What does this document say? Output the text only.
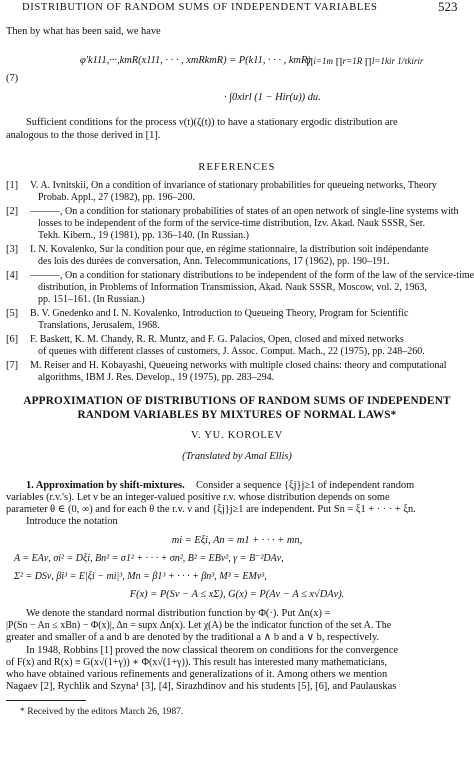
DISTRIBUTION OF RANDOM SUMS OF INDEPENDENT VARIABLES	523
Then by what has been said, we have
φ′k111,···,kmR(x111, · · · , xmRkmR) = P(k11, · · · , kmR)
∏i=1m ∏r=1R ∏l=1kir 1/τkirir
(7)
· ∫0xirl (1 − Hir(u)) du.
Sufficient conditions for the process ν(t)(ζ(t)) to have a stationary ergodic distribution are
analogous to the those derived in [1].
REFERENCES
[1] V. A. Ivnitskii, On a condition of invariance of stationary probabilities for queueing networks, Theory
Probab. Appl., 27 (1982), pp. 196–200.
[2] ———, On a condition for stationary probabilities of states of an open network of single-line systems with
losses to be independent of the form of the service-time distribution, Izv. Akad. Nauk SSSR, Ser.
Tekh. Kibern., 19 (1981), pp. 136–140. (In Russian.)
[3] I. N. Kovalenko, Sur la condition pour que, en régime stationnaire, la distribution soit indépendante
des lois des durées de conversation, Ann. Telecommunications, 17 (1962), pp. 190–191.
[4] ———, On a condition for stationary distributions to be independent of the form of the law of the service-time
distribution, in Problems of Information Transmission, Akad. Nauk SSSR, Moscow, vol. 2, 1963,
pp. 151–161. (In Russian.)
[5] B. V. Gnedenko and I. N. Kovalenko, Introduction to Queueing Theory, Program for Scientific
Translations, Jerusalem, 1968.
[6] F. Baskett, K. M. Chandy, R. R. Muntz, and F. G. Palacios, Open, closed and mixed networks
of queues with different classes of customers, J. Assoc. Comput. Mach., 22 (1975), pp. 248–260.
[7] M. Reiser and H. Kobayashi, Queueing networks with multiple closed chains: theory and computational
algorithms, IBM J. Res. Develop., 19 (1975), pp. 283–294.
APPROXIMATION OF DISTRIBUTIONS OF RANDOM SUMS OF INDEPENDENT
RANDOM VARIABLES BY MIXTURES OF NORMAL LAWS*
V. YU. KOROLEV
(Translated by Amal Ellis)
1. Approximation by shift-mixtures. Consider a sequence {ξj}j≥1 of independent random
variables (r.v.'s). Let ν be an integer-valued positive r.v. whose distribution depends on some
parameter θ ∈ (0, ∞) and for each θ the r.v. ν and {ξj}j≥1 are independent. Put Sn = ξ1 + · · · + ξn.
Introduce the notation
mi = Eξi, An = m1 + · · · + mn,
A = EAν, σi² = Dξi, Bn² = σ1² + · · · + σn², B² = EBν², γ = B⁻²DAν,
Σ² = DSν, βi³ = E|ξi − mi|³, Mn = β1³ + · · · + βn³, M³ = EMν³,
F(x) = P(Sν − A ≤ xΣ), G(x) = P(Aν − A ≤ x√DAν).
We denote the standard normal distribution function by Φ(·). Put Δn(x) =
|P(Sn − An ≤ xBn) − Φ(x)|, Δn = supx Δn(x). Let χ(A) be the indicator function of the set A. The
greater and smaller of a and b are denoted by the traditional a ∧ b and a ∨ b, respectively.
In 1948, Robbins [1] proved the now classical theorem on conditions for the convergence
of F(x) and R(x) ≡ G(x√(1+γ)) ∗ Φ(x√(1+γ)). This result has interested many mathematicians,
who have obtained various refinements and generalizations of it. Among others we mention
Nagaev [2], Rychlik and Szyna¹ [3], [4], Sirazhdinov and his students [5], [6], and Paulauskas
* Received by the editors March 26, 1987.
